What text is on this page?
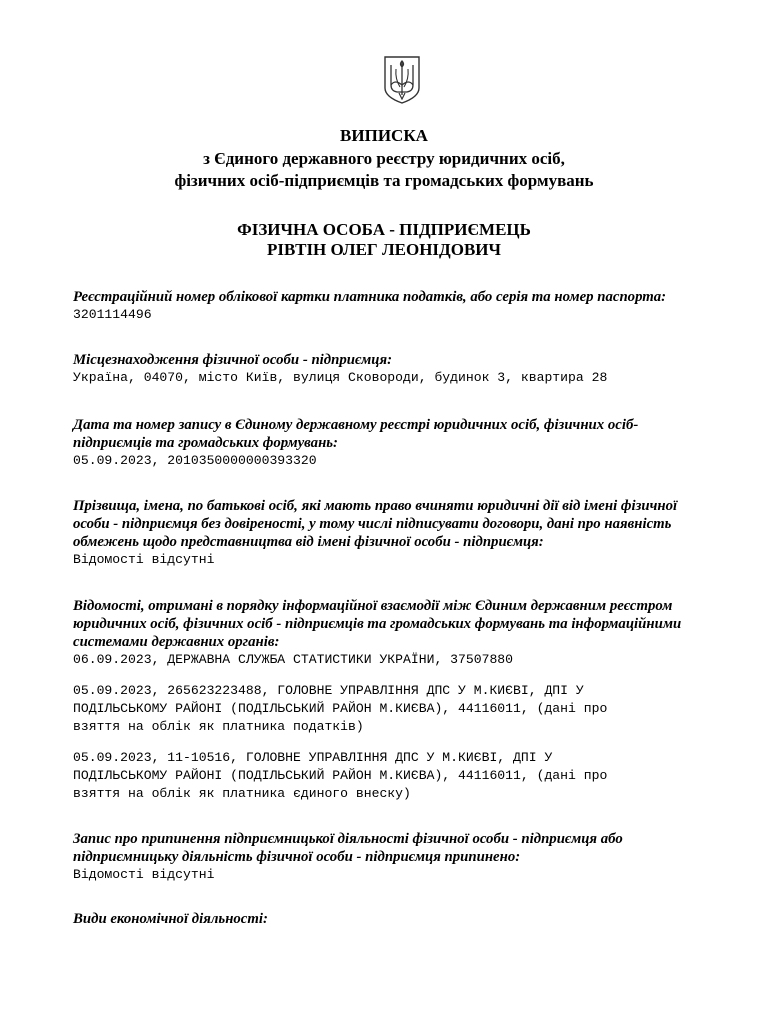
ВИПИСКА
з Єдиного державного реєстру юридичних осіб,
фізичних осіб-підприємців та громадських формувань
ФІЗИЧНА ОСОБА - ПІДПРИЄМЕЦЬ
РІВТІН ОЛЕГ ЛЕОНІДОВИЧ

Реєстраційний номер облікової картки платника податків, або серія та номер паспорта:

3201114496

Місцезнаходження фізичної особи - підприємця:

Україна, 04070, місто Київ, вулиця Сковороди, будинок 3, квартира 28

Дата та номер запису в Єдиному державному реєстрі юридичних осіб, фізичних осіб-

підприємців та громадських формувань:

05.09.2023, 2010350000000393320

Прізвища, імена, по батькові осіб, які мають право вчиняти юридичні дії від імені фізичної

особи - підприємця без довіреності, у тому числі підписувати договори, дані про наявність

обмежень щодо представництва від імені фізичної особи - підприємця:

Відомості відсутні

Відомості, отримані в порядку інформаційної взаємодії між Єдиним державним реєстром

юридичних осіб, фізичних осіб - підприємців та громадських формувань та інформаційними

системами державних органів:

06.09.2023, ДЕРЖАВНА СЛУЖБА СТАТИСТИКИ УКРАЇНИ, 37507880

05.09.2023, 265623223488, ГОЛОВНЕ УПРАВЛІННЯ ДПС У М.КИЄВІ, ДПІ У
ПОДІЛЬСЬКОМУ РАЙОНІ (ПОДІЛЬСЬКИЙ РАЙОН М.КИЄВА), 44116011, (дані про
взяття на облік як платника податків)

05.09.2023, 11-10516, ГОЛОВНЕ УПРАВЛІННЯ ДПС У М.КИЄВІ, ДПІ У
ПОДІЛЬСЬКОМУ РАЙОНІ (ПОДІЛЬСЬКИЙ РАЙОН М.КИЄВА), 44116011, (дані про
взяття на облік як платника єдиного внеску)

Запис про припинення підприємницької діяльності фізичної особи - підприємця або

підприємницьку діяльність фізичної особи - підприємця припинено:

Відомості відсутні

Види економічної діяльності:
